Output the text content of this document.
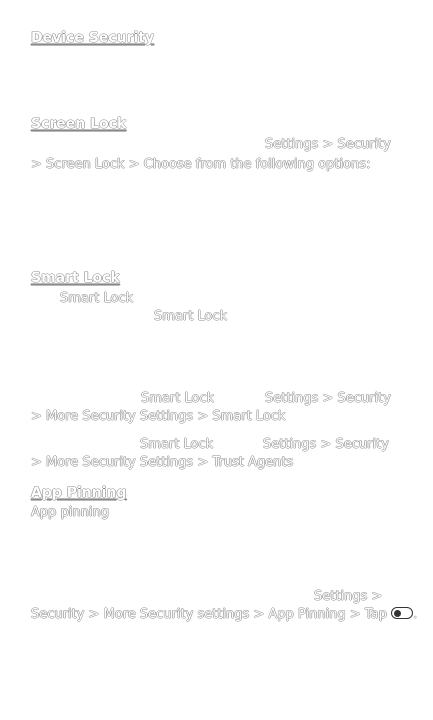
Device Security
Screen Lock
Settings > Security
> Screen Lock > Choose from the following options:
Smart Lock
Smart Lock
Smart Lock
Smart Lock	Settings > Security
> More Security Settings > Smart Lock
Smart Lock	Settings > Security
> More Security Settings > Trust Agents
App Pinning
App pinning
Settings >
Security > More Security settings > App Pinning > Tap .
